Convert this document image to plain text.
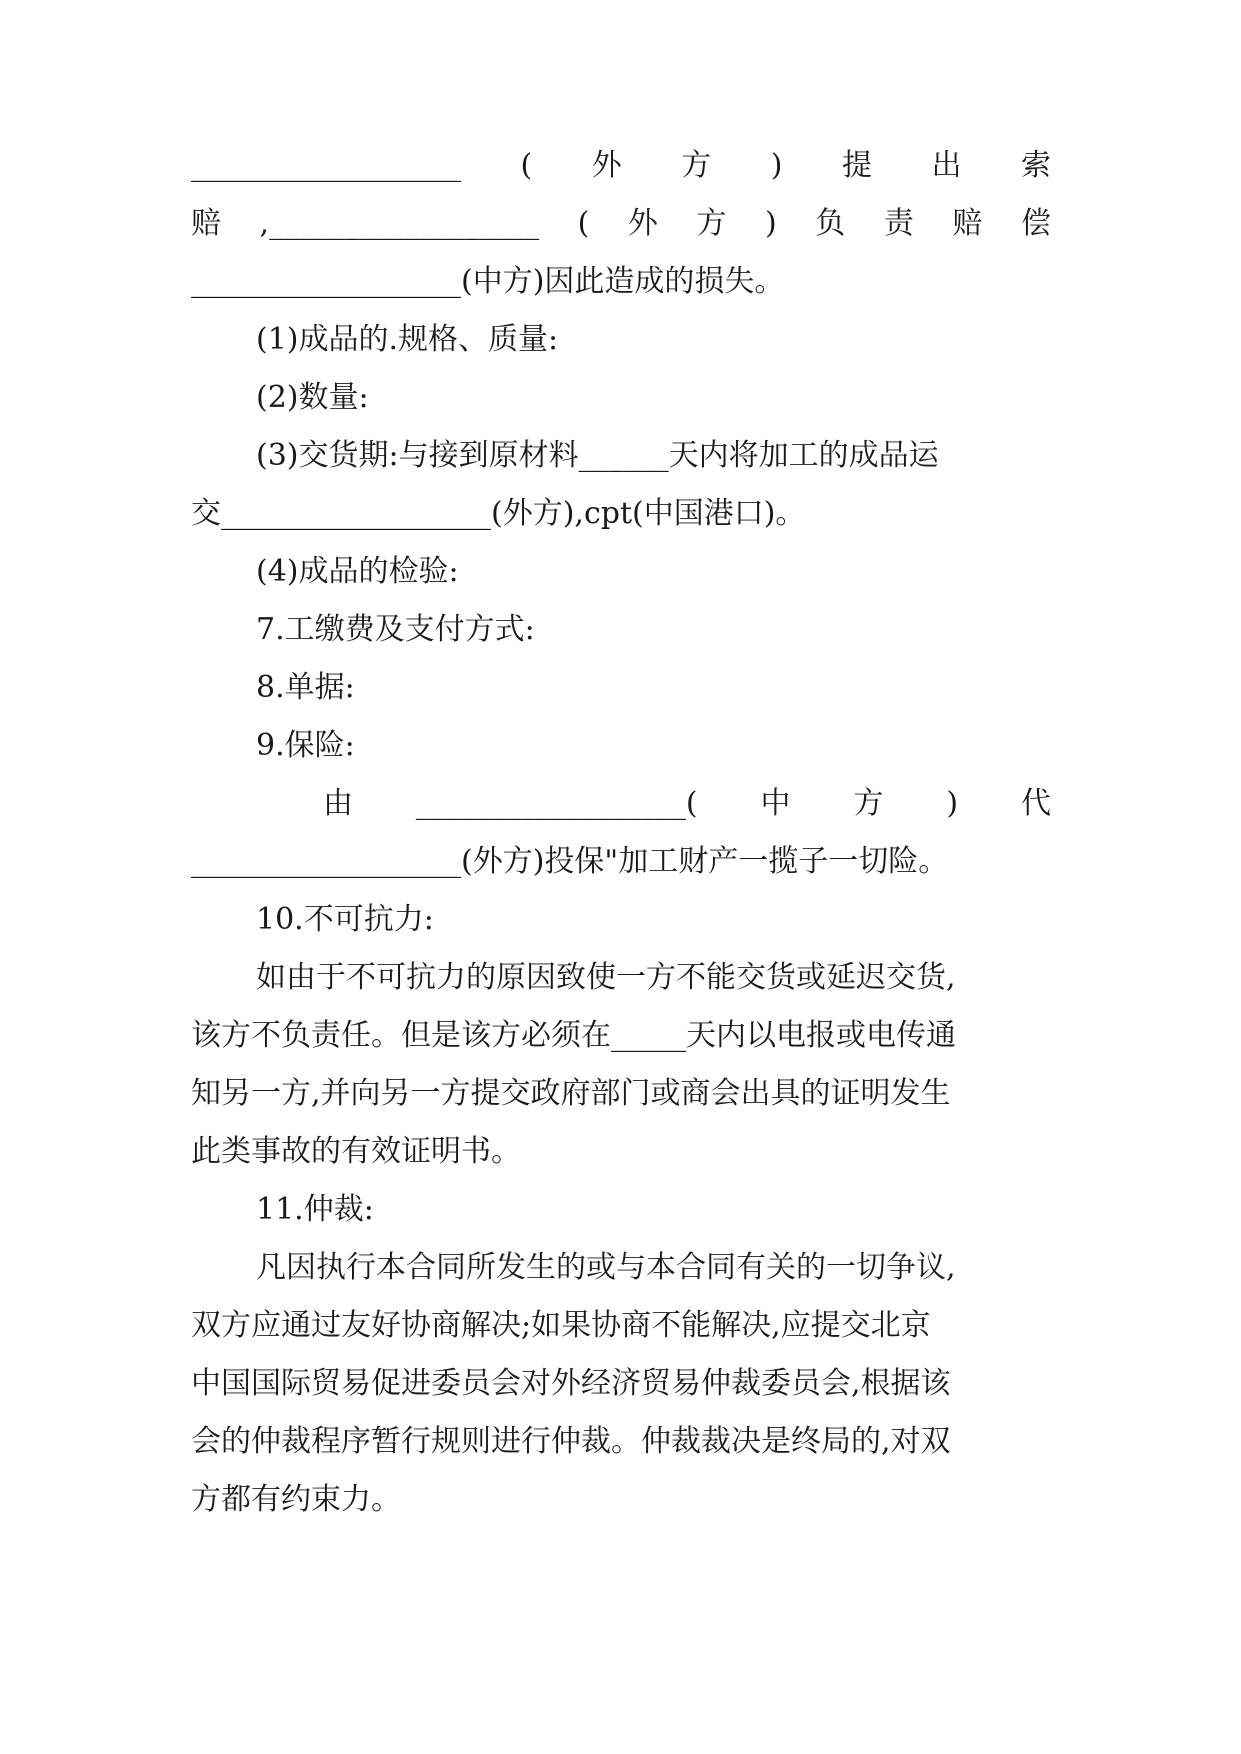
__________________ ( 外 方 ) 提 出 索
赔 ,__________________ ( 外 方 ) 负 责 赔 偿
__________________(中方)因此造成的损失。
(1)成品的.规格、质量:
(2)数量:
(3)交货期:与接到原材料______天内将加工的成品运
交__________________(外方),cpt(中国港口)。
(4)成品的检验:
7.工缴费及支付方式:
8.单据:
9.保险:
由 __________________( 中 方 ) 代
__________________(外方)投保"加工财产一揽子一切险。
10.不可抗力:
如由于不可抗力的原因致使一方不能交货或延迟交货,
该方不负责任。但是该方必须在_____天内以电报或电传通
知另一方,并向另一方提交政府部门或商会出具的证明发生
此类事故的有效证明书。
11.仲裁:
凡因执行本合同所发生的或与本合同有关的一切争议,
双方应通过友好协商解决;如果协商不能解决,应提交北京
中国国际贸易促进委员会对外经济贸易仲裁委员会,根据该
会的仲裁程序暂行规则进行仲裁。仲裁裁决是终局的,对双
方都有约束力。
